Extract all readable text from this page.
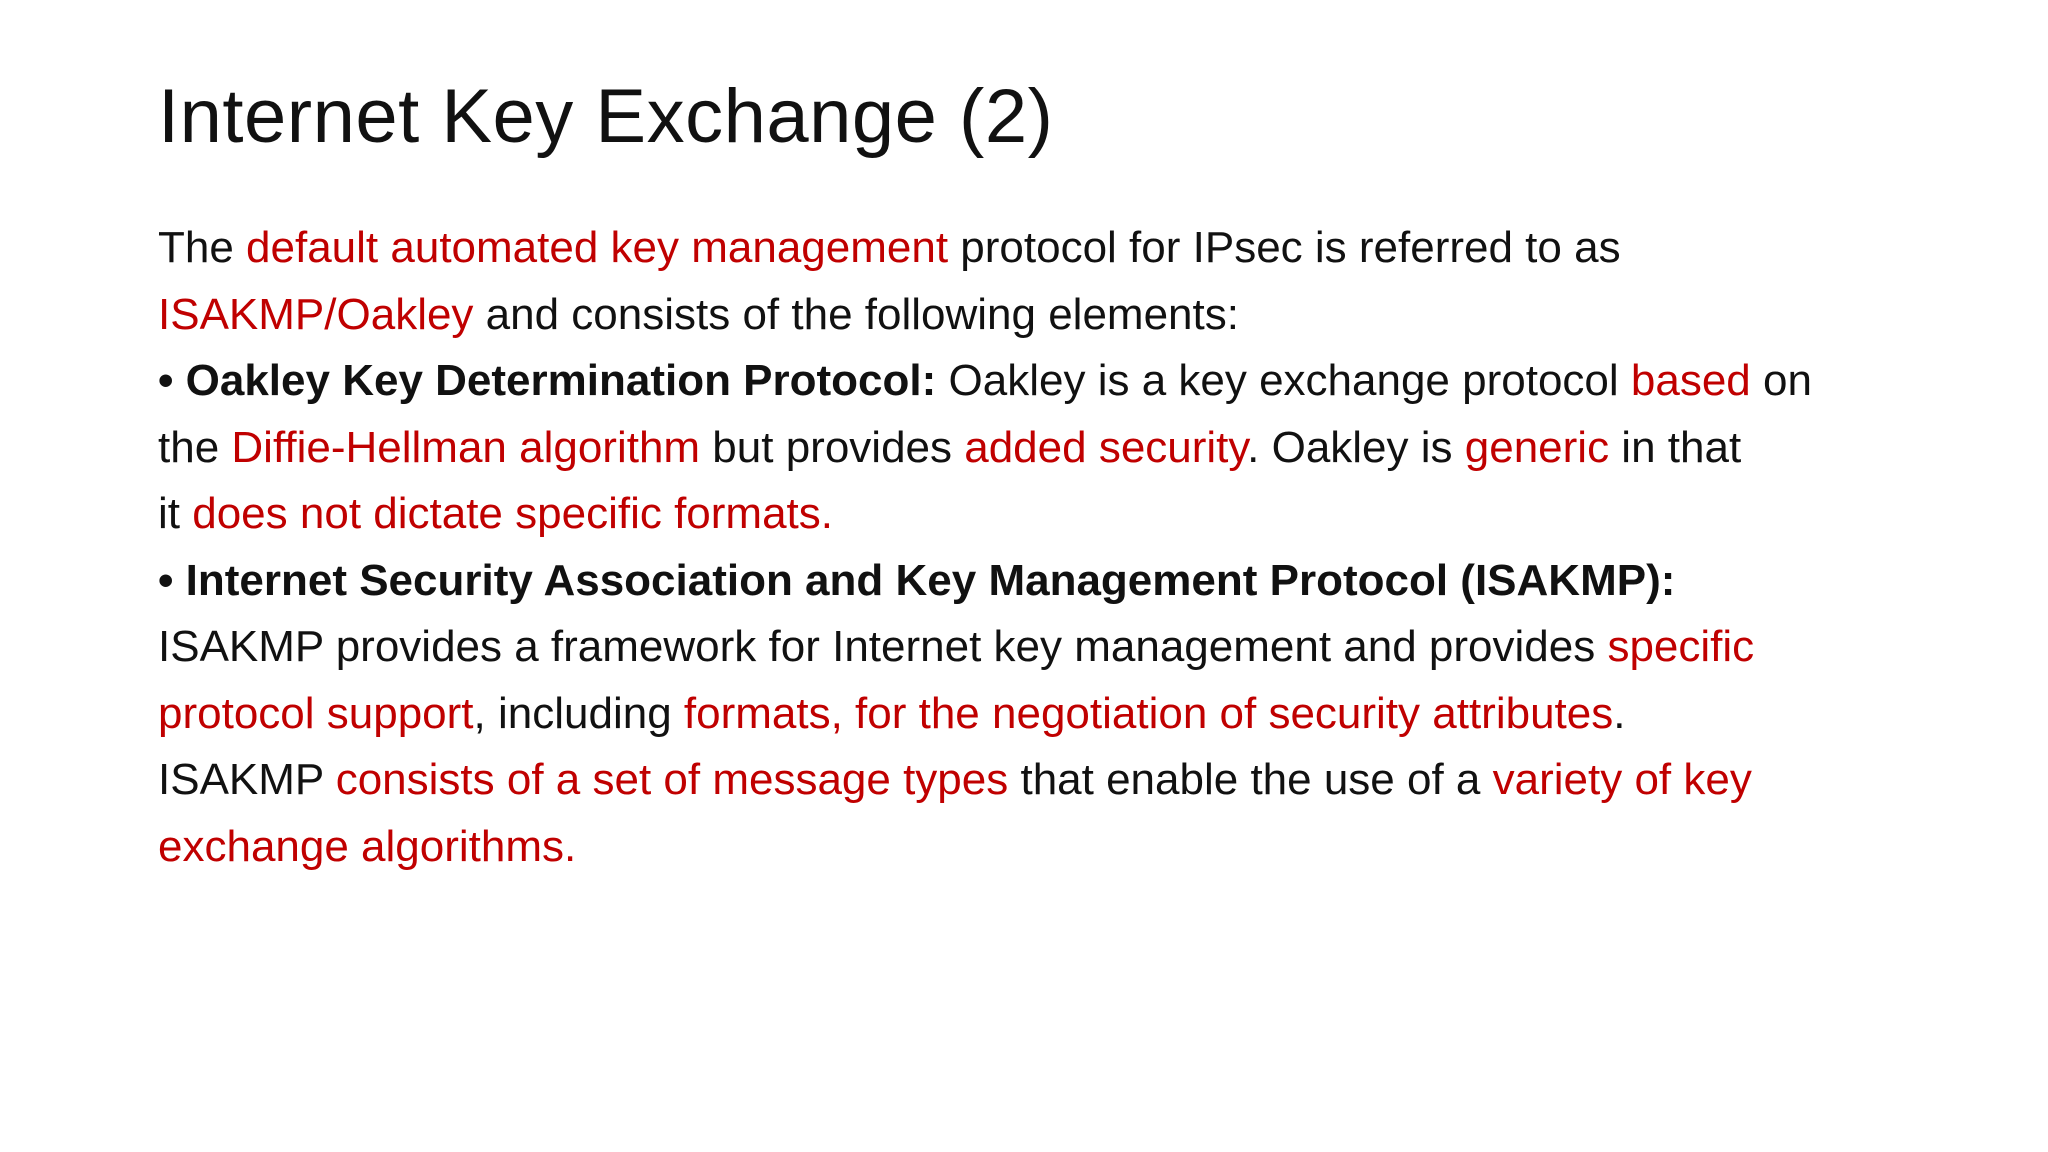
Internet Key Exchange (2)
The default automated key management protocol for IPsec is referred to as
ISAKMP/Oakley and consists of the following elements:
• Oakley Key Determination Protocol: Oakley is a key exchange protocol based on
the Diffie-Hellman algorithm but provides added security. Oakley is generic in that
it does not dictate specific formats.
• Internet Security Association and Key Management Protocol (ISAKMP):
ISAKMP provides a framework for Internet key management and provides specific
protocol support, including formats, for the negotiation of security attributes.
ISAKMP consists of a set of message types that enable the use of a variety of key
exchange algorithms.
